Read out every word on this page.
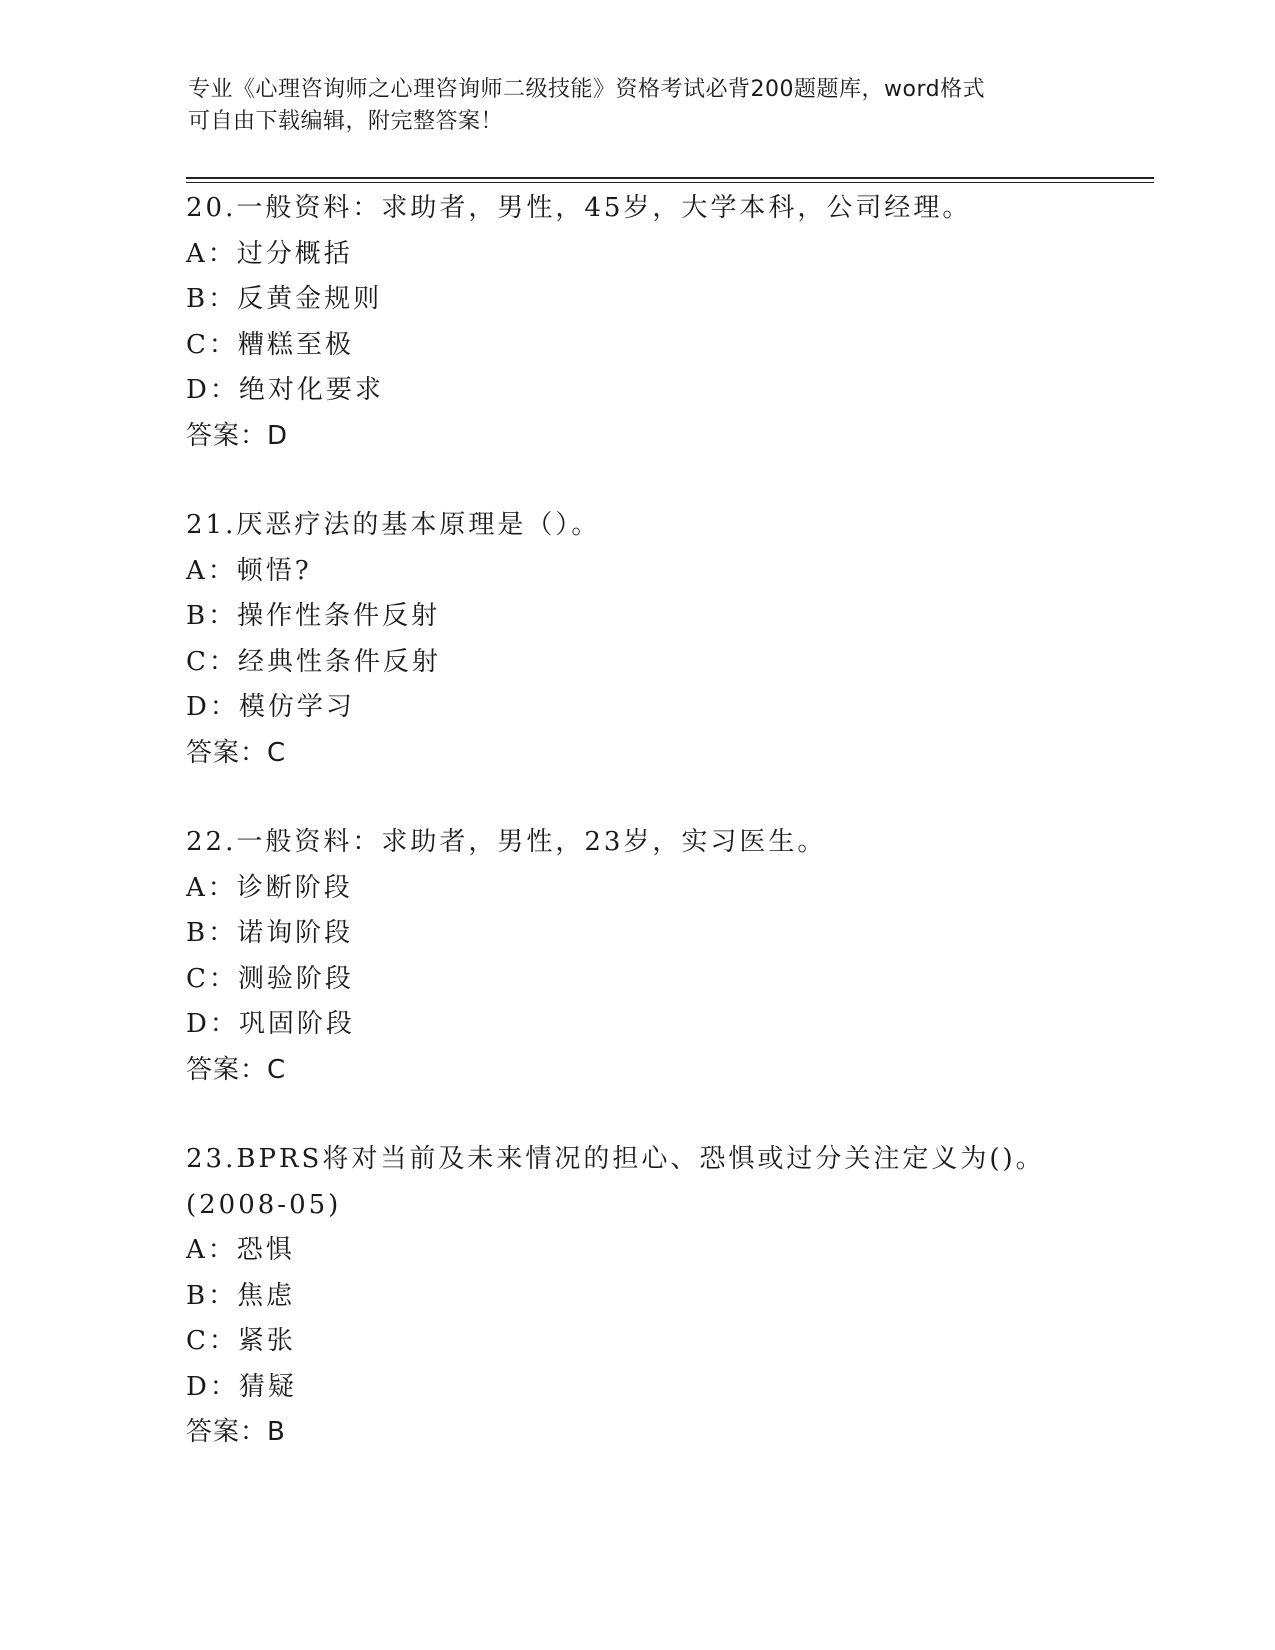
专业《心理咨询师之心理咨询师二级技能》资格考试必背200题题库，word格式
可自由下载编辑，附完整答案！
20.一般资料：求助者，男性，45岁，大学本科，公司经理。
A：过分概括
B：反黄金规则
C：糟糕至极
D：绝对化要求
答案：D
21.厌恶疗法的基本原理是（）。
A：顿悟?
B：操作性条件反射
C：经典性条件反射
D：模仿学习
答案：C
22.一般资料：求助者，男性，23岁，实习医生。
A：诊断阶段
B：诺询阶段
C：测验阶段
D：巩固阶段
答案：C
23.BPRS将对当前及未来情况的担心、恐惧或过分关注定义为()。
(2008-05)
A：恐惧
B：焦虑
C：紧张
D：猜疑
答案：B
